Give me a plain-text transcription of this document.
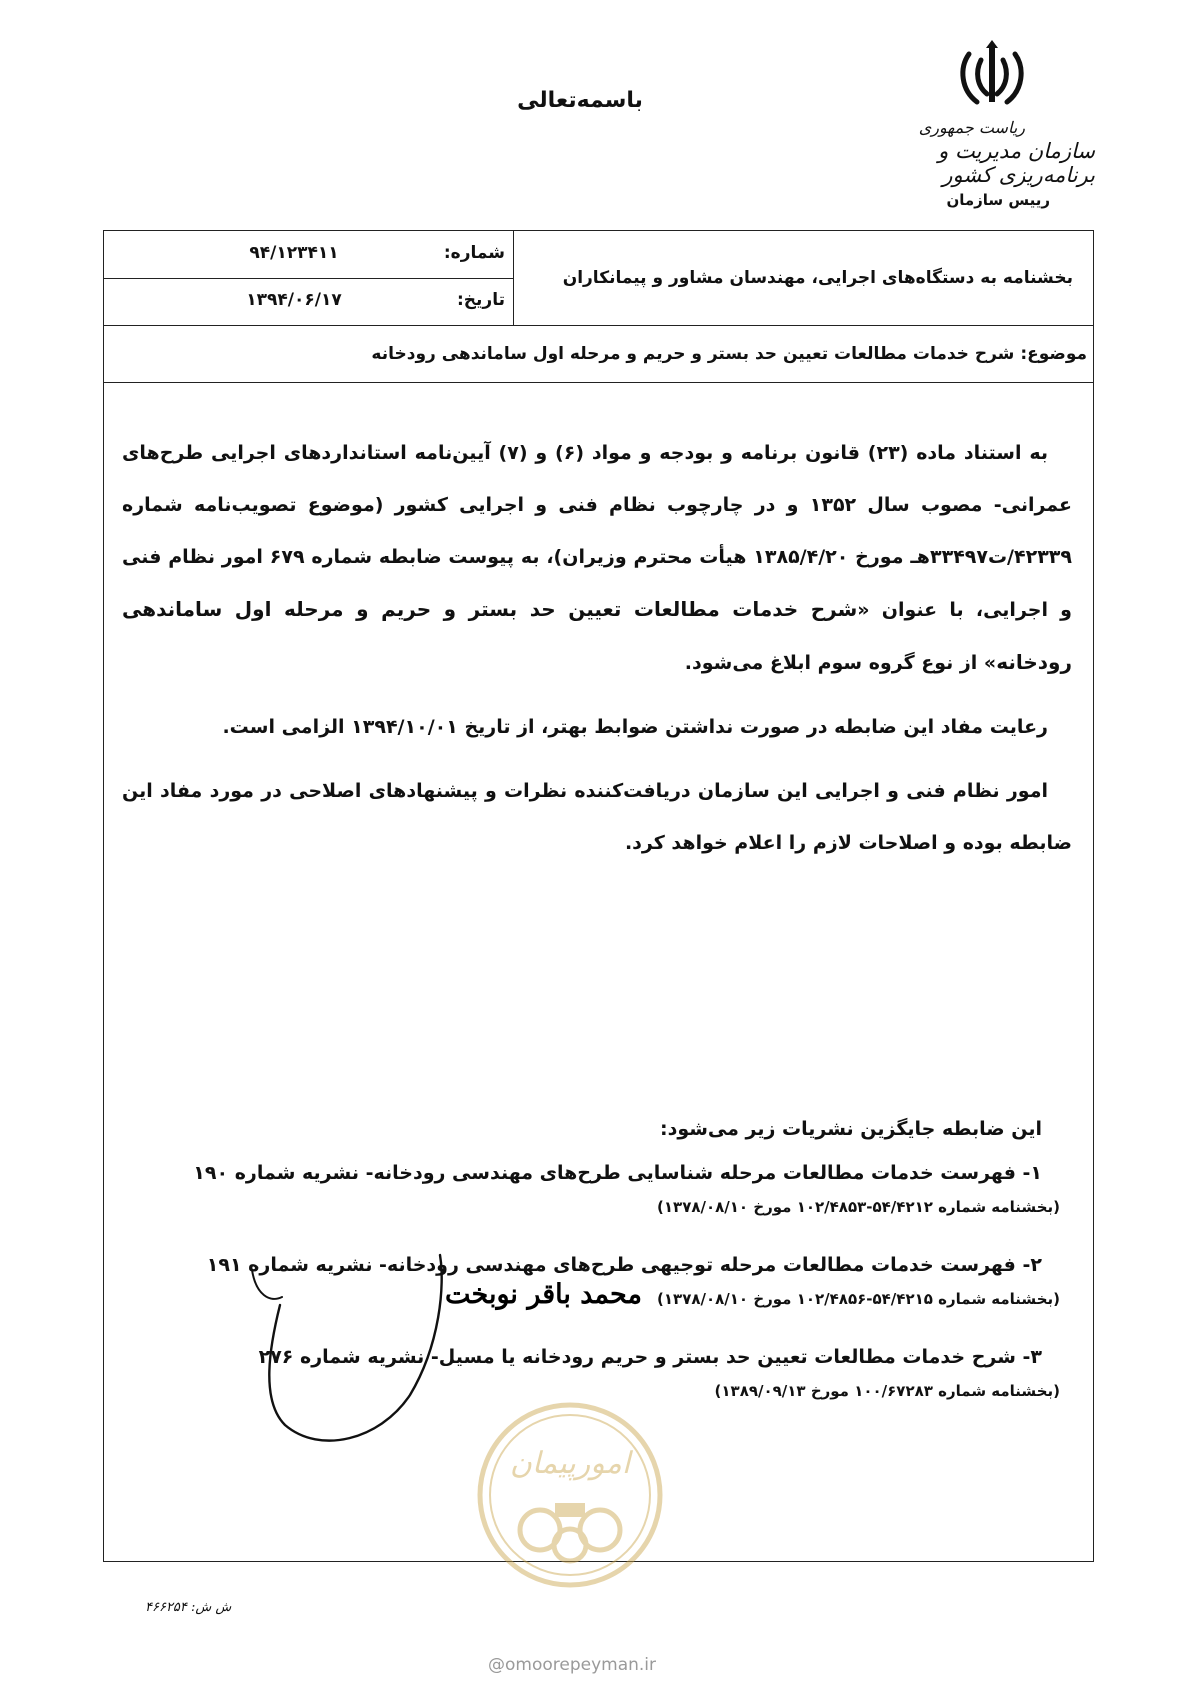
باسمه‌تعالی
ریاست جمهوری
سازمان مدیریت و برنامه‌ریزی کشور
رییس سازمان
بخشنامه به دستگاه‌های اجرایی، مهندسان مشاور و پیمانکاران
شماره:
۹۴/۱۲۳۴۱۱
تاریخ:
۱۳۹۴/۰۶/۱۷
موضوع: شرح خدمات مطالعات تعیین حد بستر و حریم و مرحله اول ساماندهی رودخانه

به استناد ماده (۲۳) قانون برنامه و بودجه و مواد (۶) و (۷) آیین‌نامه استانداردهای اجرایی طرح‌های عمرانی- مصوب سال ۱۳۵۲ و در چارچوب نظام فنی و اجرایی کشور (موضوع تصویب‌نامه شماره ۴۲۳۳۹/ت۳۳۴۹۷هـ مورخ ۱۳۸۵/۴/۲۰ هیأت محترم وزیران)، به پیوست ضابطه شماره ۶۷۹ امور نظام فنی و اجرایی، با عنوان «شرح خدمات مطالعات تعیین حد بستر و حریم و مرحله اول ساماندهی رودخانه» از نوع گروه سوم ابلاغ می‌شود.

رعایت مفاد این ضابطه در صورت نداشتن ضوابط بهتر، از تاریخ ۱۳۹۴/۱۰/۰۱ الزامی است.

امور نظام فنی و اجرایی این سازمان دریافت‌کننده نظرات و پیشنهادهای اصلاحی در مورد مفاد این ضابطه بوده و اصلاحات لازم را اعلام خواهد کرد.

این ضابطه جایگزین نشریات زیر می‌شود:
۱- فهرست خدمات مطالعات مرحله شناسایی طرح‌های مهندسی رودخانه- نشریه شماره ۱۹۰
(بخشنامه شماره ۵۴/۴۲۱۲-۱۰۲/۴۸۵۳ مورخ ۱۳۷۸/۰۸/۱۰)
۲- فهرست خدمات مطالعات مرحله توجیهی طرح‌های مهندسی رودخانه- نشریه شماره ۱۹۱
(بخشنامه شماره ۵۴/۴۲۱۵-۱۰۲/۴۸۵۶ مورخ ۱۳۷۸/۰۸/۱۰)
۳- شرح خدمات مطالعات تعیین حد بستر و حریم رودخانه یا مسیل- نشریه شماره ۲۷۶
(بخشنامه شماره ۱۰۰/۶۷۲۸۳ مورخ ۱۳۸۹/۰۹/۱۳)
محمد باقر نوبخت
امورپیمان
ش ش: ۴۶۶۲۵۴
@omoorepeyman.ir
